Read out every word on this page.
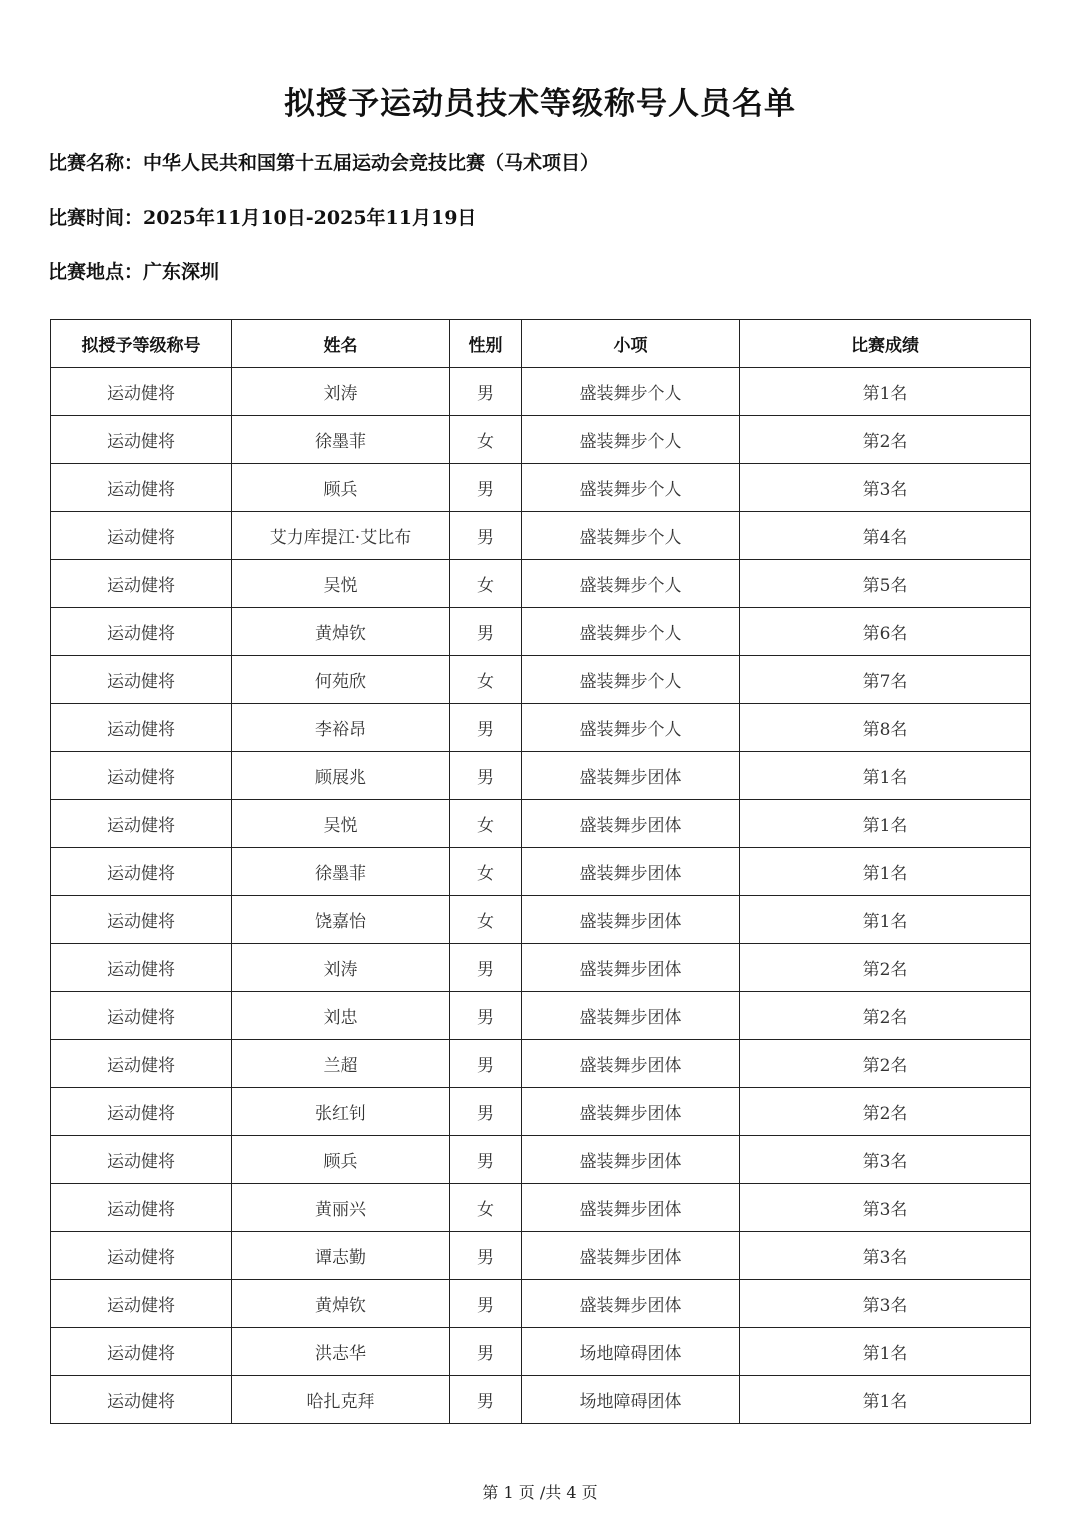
拟授予运动员技术等级称号人员名单
比赛名称：中华人民共和国第十五届运动会竞技比赛（马术项目）
比赛时间：2025年11月10日-2025年11月19日
比赛地点：广东深圳
拟授予等级称号	姓名	性别	小项	比赛成绩
运动健将	刘涛	男	盛装舞步个人	第1名
运动健将	徐墨菲	女	盛装舞步个人	第2名
运动健将	顾兵	男	盛装舞步个人	第3名
运动健将	艾力库提江·艾比布	男	盛装舞步个人	第4名
运动健将	吴悦	女	盛装舞步个人	第5名
运动健将	黄焯钦	男	盛装舞步个人	第6名
运动健将	何苑欣	女	盛装舞步个人	第7名
运动健将	李裕昂	男	盛装舞步个人	第8名
运动健将	顾展兆	男	盛装舞步团体	第1名
运动健将	吴悦	女	盛装舞步团体	第1名
运动健将	徐墨菲	女	盛装舞步团体	第1名
运动健将	饶嘉怡	女	盛装舞步团体	第1名
运动健将	刘涛	男	盛装舞步团体	第2名
运动健将	刘忠	男	盛装舞步团体	第2名
运动健将	兰超	男	盛装舞步团体	第2名
运动健将	张红钊	男	盛装舞步团体	第2名
运动健将	顾兵	男	盛装舞步团体	第3名
运动健将	黄丽兴	女	盛装舞步团体	第3名
运动健将	谭志勤	男	盛装舞步团体	第3名
运动健将	黄焯钦	男	盛装舞步团体	第3名
运动健将	洪志华	男	场地障碍团体	第1名
运动健将	哈扎克拜	男	场地障碍团体	第1名
第 1 页 /共 4 页
